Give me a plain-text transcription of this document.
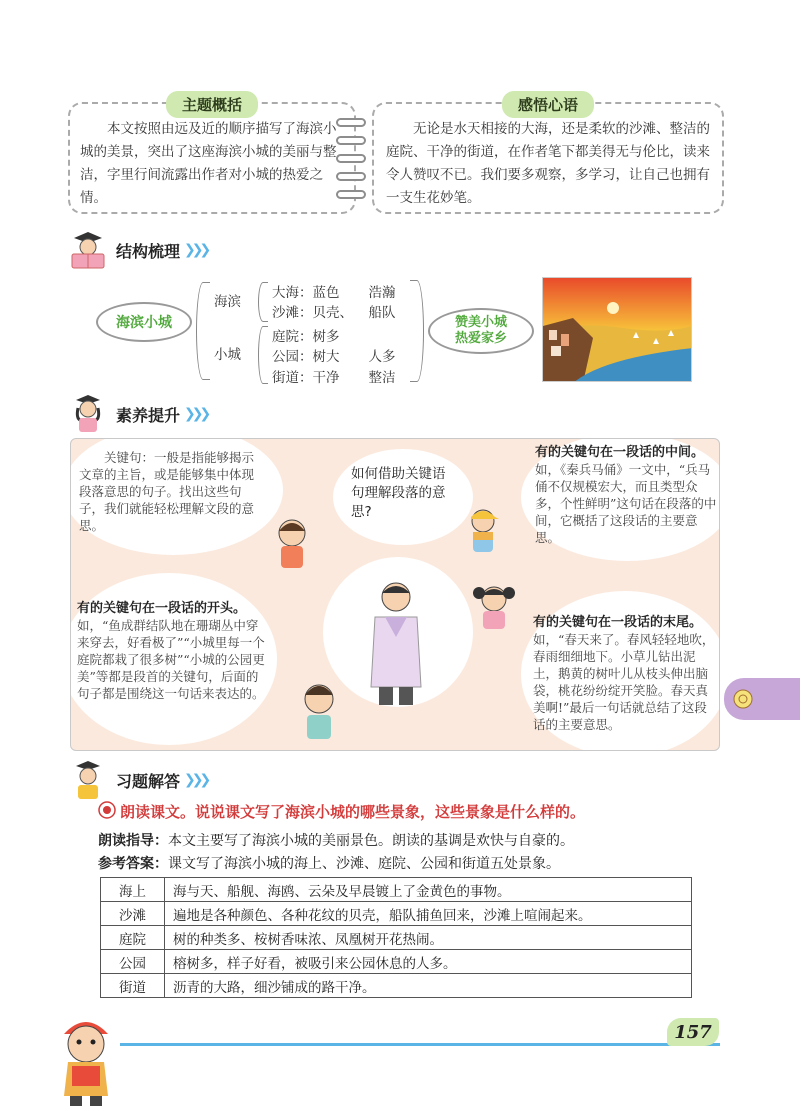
主题概括
本文按照由远及近的顺序描写了海滨小城的美景，突出了这座海滨小城的美丽与整洁，字里行间流露出作者对小城的热爱之情。
感悟心语
无论是水天相接的大海，还是柔软的沙滩、整洁的庭院、干净的街道，在作者笔下都美得无与伦比，读来令人赞叹不已。我们要多观察，多学习，让自己也拥有一支生花妙笔。
结构梳理 ❯❯❯
海滨小城
海滨
小城
大海：蓝色 浩瀚
沙滩：贝壳、 船队
庭院：树多
公园：树大 人多
街道：干净 整洁
赞美小城
热爱家乡
素养提升 ❯❯❯
关键句：一般是指能够揭示文章的主旨，或是能够集中体现段落意思的句子。找出这些句子，我们就能轻松理解文段的意思。
如何借助关键语句理解段落的意思?
有的关键句在一段话的中间。如，《秦兵马俑》一文中，“兵马俑不仅规模宏大，而且类型众多，个性鲜明”这句话在段落的中间，它概括了这段话的主要意思。
有的关键句在一段话的开头。如，“鱼成群结队地在珊瑚丛中穿来穿去，好看极了”“小城里每一个庭院都栽了很多树”“小城的公园更美”等都是段首的关键句，后面的句子都是围绕这一句话来表达的。
有的关键句在一段话的末尾。如，“春天来了。春风轻轻地吹，春雨细细地下。小草儿钻出泥土，鹅黄的树叶儿从枝头伸出脑袋，桃花纷纷绽开笑脸。春天真美啊!”最后一句话就总结了这段话的主要意思。
习题解答 ❯❯❯
朗读课文。说说课文写了海滨小城的哪些景象，这些景象是什么样的。
朗读指导：本文主要写了海滨小城的美丽景色。朗读的基调是欢快与自豪的。
参考答案：课文写了海滨小城的海上、沙滩、庭院、公园和街道五处景象。
海上	海与天、船舰、海鸥、云朵及早晨镀上了金黄色的事物。
沙滩	遍地是各种颜色、各种花纹的贝壳，船队捕鱼回来，沙滩上喧闹起来。
庭院	树的种类多、桉树香味浓、凤凰树开花热闹。
公园	榕树多，样子好看，被吸引来公园休息的人多。
街道	沥青的大路，细沙铺成的路干净。
157
